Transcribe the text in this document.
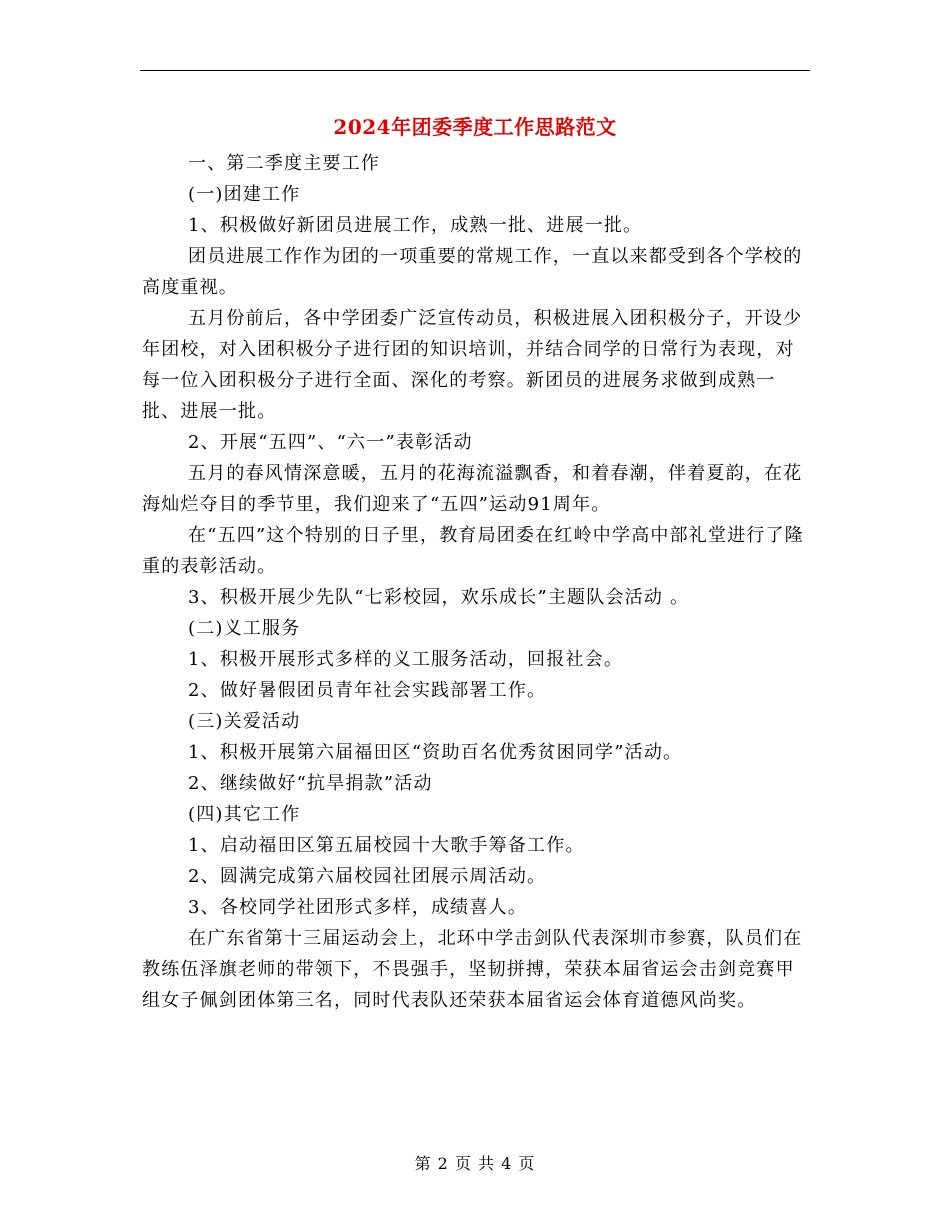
2024年团委季度工作思路范文

一、第二季度主要工作

(一)团建工作

1、积极做好新团员进展工作，成熟一批、进展一批。

团员进展工作作为团的一项重要的常规工作，一直以来都受到各个学校的高度重视。

五月份前后，各中学团委广泛宣传动员，积极进展入团积极分子，开设少年团校，对入团积极分子进行团的知识培训，并结合同学的日常行为表现，对每一位入团积极分子进行全面、深化的考察。新团员的进展务求做到成熟一批、进展一批。

2、开展“五四”、“六一”表彰活动

五月的春风情深意暖，五月的花海流溢飘香，和着春潮，伴着夏韵，在花海灿烂夺目的季节里，我们迎来了“五四”运动91周年。

在“五四”这个特别的日子里，教育局团委在红岭中学高中部礼堂进行了隆重的表彰活动。

3、积极开展少先队“七彩校园，欢乐成长”主题队会活动 。

(二)义工服务

1、积极开展形式多样的义工服务活动，回报社会。

2、做好暑假团员青年社会实践部署工作。

(三)关爱活动

1、积极开展第六届福田区“资助百名优秀贫困同学”活动。

2、继续做好“抗旱捐款”活动

(四)其它工作

1、启动福田区第五届校园十大歌手筹备工作。

2、圆满完成第六届校园社团展示周活动。

3、各校同学社团形式多样，成绩喜人。

在广东省第十三届运动会上，北环中学击剑队代表深圳市参赛，队员们在教练伍泽旗老师的带领下，不畏强手，坚韧拼搏，荣获本届省运会击剑竞赛甲组女子佩剑团体第三名，同时代表队还荣获本届省运会体育道德风尚奖。

第 2 页 共 4 页
